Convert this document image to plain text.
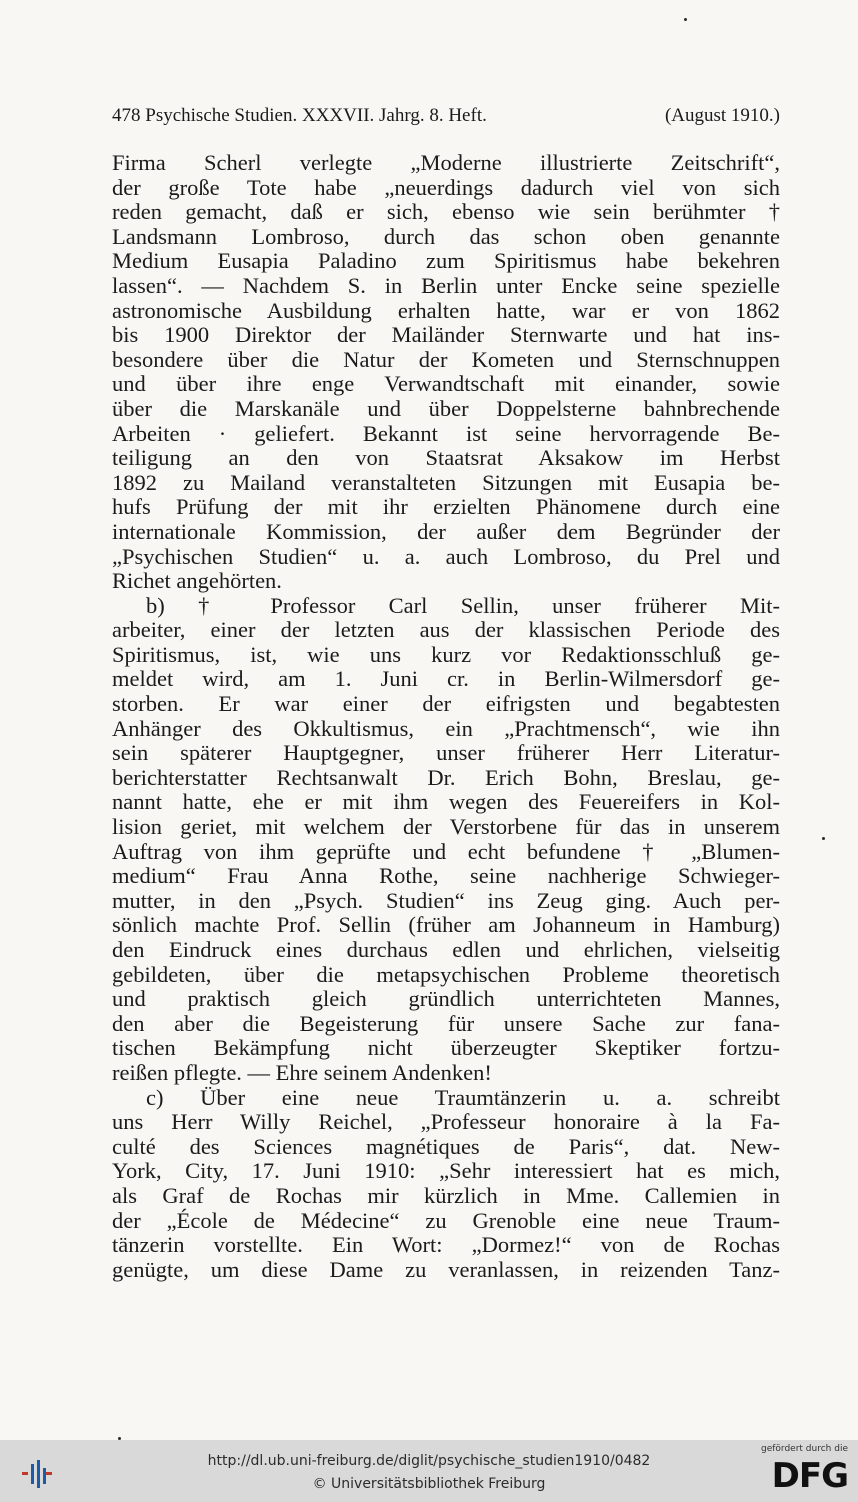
478 Psychische Studien. XXXVII. Jahrg. 8. Heft.	(August 1910.)
Firma Scherl verlegte „Moderne illustrierte Zeitschrift“,
der große Tote habe „neuerdings dadurch viel von sich
reden gemacht, daß er sich, ebenso wie sein berühmter †
Landsmann Lombroso, durch das schon oben genannte
Medium Eusapia Paladino zum Spiritismus habe bekehren
lassen“. — Nachdem S. in Berlin unter Encke seine spezielle
astronomische Ausbildung erhalten hatte, war er von 1862
bis 1900 Direktor der Mailänder Sternwarte und hat ins-
besondere über die Natur der Kometen und Sternschnuppen
und über ihre enge Verwandtschaft mit einander, sowie
über die Marskanäle und über Doppelsterne bahnbrechende
Arbeiten · geliefert. Bekannt ist seine hervorragende Be-
teiligung an den von Staatsrat Aksakow im Herbst
1892 zu Mailand veranstalteten Sitzungen mit Eusapia be-
hufs Prüfung der mit ihr erzielten Phänomene durch eine
internationale Kommission, der außer dem Begründer der
„Psychischen Studien“ u. a. auch Lombroso, du Prel und
Richet angehörten.
b) † Professor Carl Sellin, unser früherer Mit-
arbeiter, einer der letzten aus der klassischen Periode des
Spiritismus, ist, wie uns kurz vor Redaktionsschluß ge-
meldet wird, am 1. Juni cr. in Berlin-Wilmersdorf ge-
storben. Er war einer der eifrigsten und begabtesten
Anhänger des Okkultismus, ein „Prachtmensch“, wie ihn
sein späterer Hauptgegner, unser früherer Herr Literatur-
berichterstatter Rechtsanwalt Dr. Erich Bohn, Breslau, ge-
nannt hatte, ehe er mit ihm wegen des Feuereifers in Kol-
lision geriet, mit welchem der Verstorbene für das in unserem
Auftrag von ihm geprüfte und echt befundene † „Blumen-
medium“ Frau Anna Rothe, seine nachherige Schwieger-
mutter, in den „Psych. Studien“ ins Zeug ging. Auch per-
sönlich machte Prof. Sellin (früher am Johanneum in Hamburg)
den Eindruck eines durchaus edlen und ehrlichen, vielseitig
gebildeten, über die metapsychischen Probleme theoretisch
und praktisch gleich gründlich unterrichteten Mannes,
den aber die Begeisterung für unsere Sache zur fana-
tischen Bekämpfung nicht überzeugter Skeptiker fortzu-
reißen pflegte. — Ehre seinem Andenken!
c) Über eine neue Traumtänzerin u. a. schreibt
uns Herr Willy Reichel, „Professeur honoraire à la Fa-
culté des Sciences magnétiques de Paris“, dat. New-
York, City, 17. Juni 1910: „Sehr interessiert hat es mich,
als Graf de Rochas mir kürzlich in Mme. Callemien in
der „École de Médecine“ zu Grenoble eine neue Traum-
tänzerin vorstellte. Ein Wort: „Dormez!“ von de Rochas
genügte, um diese Dame zu veranlassen, in reizenden Tanz-
http://dl.ub.uni-freiburg.de/diglit/psychische_studien1910/0482
© Universitätsbibliothek Freiburg
gefördert durch die
DFG
